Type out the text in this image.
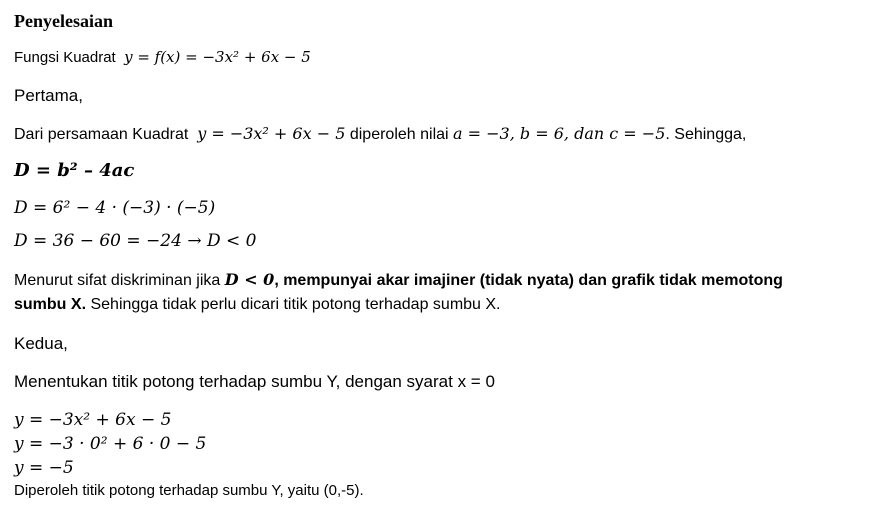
Penyelesaian
Fungsi Kuadrat y = f(x) = −3x² + 6x − 5
Pertama,
Dari persamaan Kuadrat y = −3x² + 6x − 5 diperoleh nilai a = −3, b = 6, dan c = −5. Sehingga,
D = b² – 4ac
D = 6² − 4 · (−3) · (−5)
D = 36 − 60 = −24 → D < 0
Menurut sifat diskriminan jika D < 0, mempunyai akar imajiner (tidak nyata) dan grafik tidak memotong
sumbu X. Sehingga tidak perlu dicari titik potong terhadap sumbu X.
Kedua,
Menentukan titik potong terhadap sumbu Y, dengan syarat x = 0
y = −3x² + 6x − 5
y = −3 · 0² + 6 · 0 − 5
y = −5
Diperoleh titik potong terhadap sumbu Y, yaitu (0,-5).
